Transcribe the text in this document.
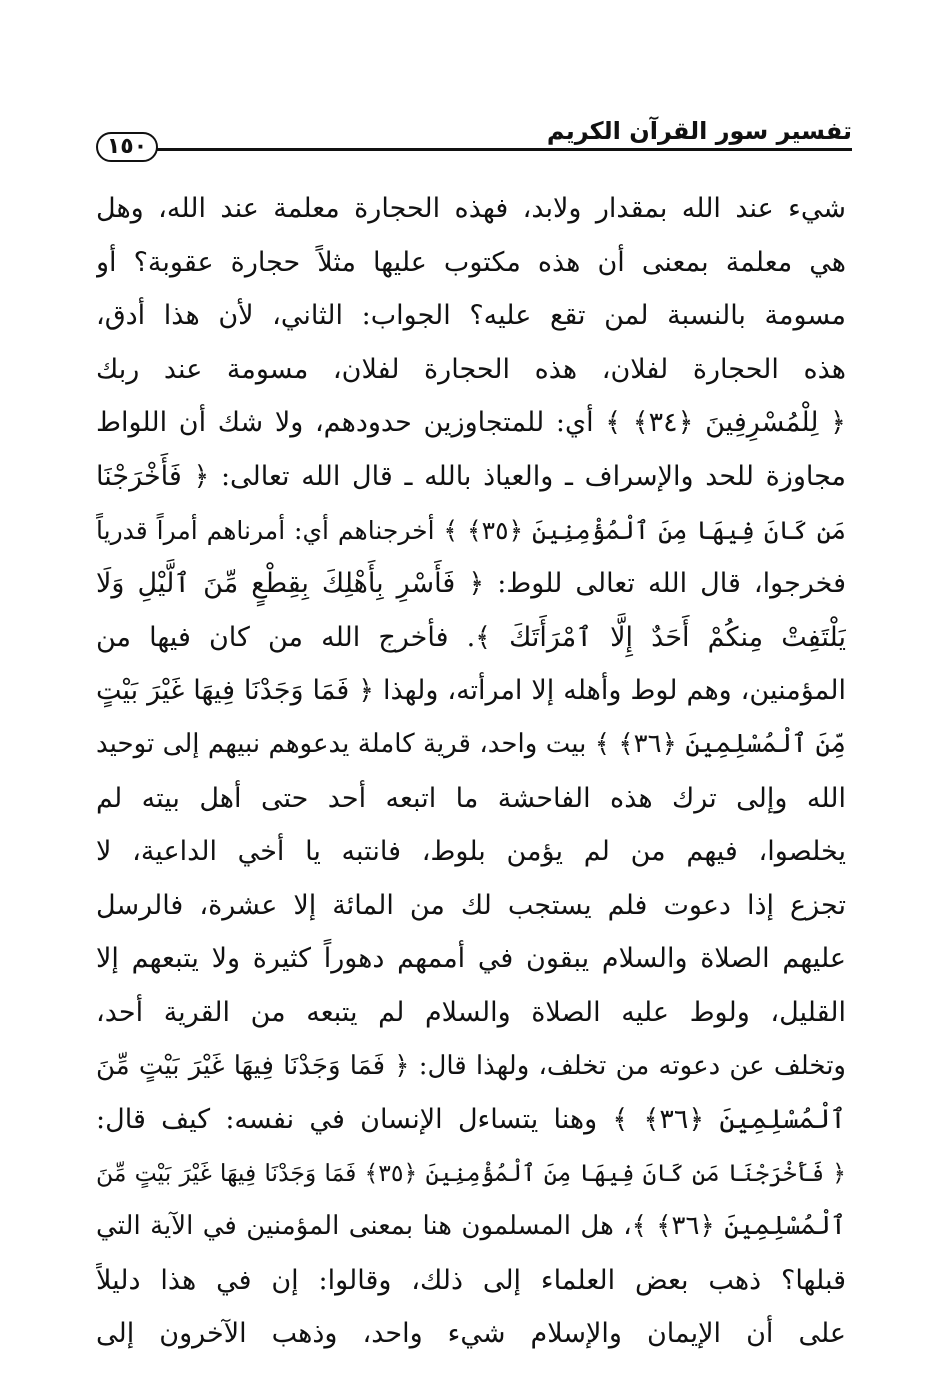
تفسير سور القرآن الكريم
١٥٠
شيء عند الله بمقدار ولابد، فهذه الحجارة معلمة عند الله، وهل
هي معلمة بمعنى أن هذه مكتوب عليها مثلاً حجارة عقوبة؟ أو
مسومة بالنسبة لمن تقع عليه؟ الجواب: الثاني، لأن هذا أدق،
هذه الحجارة لفلان، هذه الحجارة لفلان، مسومة عند ربك
﴿ لِلْمُسْرِفِينَ ﴿٣٤﴾ ﴾ أي: للمتجاوزين حدودهم، ولا شك أن اللواط
مجاوزة للحد والإسراف ـ والعياذ بالله ـ قال الله تعالى: ﴿ فَأَخْرَجْنَا
مَن كَانَ فِيهَا مِنَ ٱلْمُؤْمِنِينَ ﴿٣٥﴾ ﴾ أخرجناهم أي: أمرناهم أمراً قدرياً
فخرجوا، قال الله تعالى للوط: ﴿ فَأَسْرِ بِأَهْلِكَ بِقِطْعٍ مِّنَ ٱلَّيْلِ وَلَا
يَلْتَفِتْ مِنكُمْ أَحَدٌ إِلَّا ٱمْرَأَتَكَ ﴾. فأخرج الله من كان فيها من
المؤمنين، وهم لوط وأهله إلا امرأته، ولهذا ﴿ فَمَا وَجَدْنَا فِيهَا غَيْرَ بَيْتٍ
مِّنَ ٱلْمُسْلِمِينَ ﴿٣٦﴾ ﴾ بيت واحد، قرية كاملة يدعوهم نبيهم إلى توحيد
الله وإلى ترك هذه الفاحشة ما اتبعه أحد حتى أهل بيته لم
يخلصوا، فيهم من لم يؤمن بلوط، فانتبه يا أخي الداعية، لا
تجزع إذا دعوت فلم يستجب لك من المائة إلا عشرة، فالرسل
عليهم الصلاة والسلام يبقون في أممهم دهوراً كثيرة ولا يتبعهم إلا
القليل، ولوط عليه الصلاة والسلام لم يتبعه من القرية أحد،
وتخلف عن دعوته من تخلف، ولهذا قال: ﴿ فَمَا وَجَدْنَا فِيهَا غَيْرَ بَيْتٍ مِّنَ
ٱلْمُسْلِمِينَ ﴿٣٦﴾ ﴾ وهنا يتساءل الإنسان في نفسه: كيف قال:
﴿ فَأَخْرَجْنَا مَن كَانَ فِيهَا مِنَ ٱلْمُؤْمِنِينَ ﴿٣٥﴾ فَمَا وَجَدْنَا فِيهَا غَيْرَ بَيْتٍ مِّنَ
ٱلْمُسْلِمِينَ ﴿٣٦﴾ ﴾، هل المسلمون هنا بمعنى المؤمنين في الآية التي
قبلها؟ ذهب بعض العلماء إلى ذلك، وقالوا: إن في هذا دليلاً
على أن الإيمان والإسلام شيء واحد، وذهب الآخرون إلى
